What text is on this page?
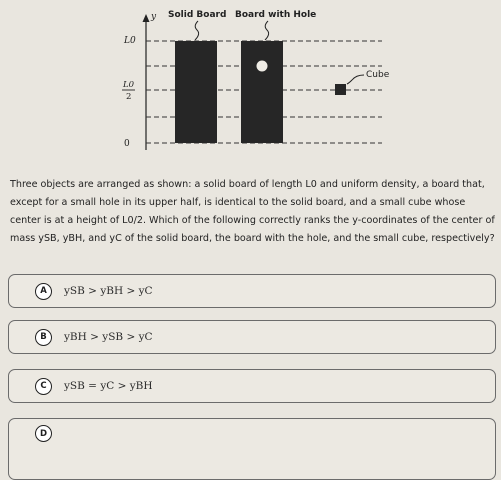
y Solid Board Board with Hole
Cube
L0
L0
2
0
Three objects are arranged as shown: a solid board of length L0 and uniform density, a board that, except for a small hole in its upper half, is identical to the solid board, and a small cube whose center is at a height of L0/2. Which of the following correctly ranks the y-coordinates of the center of mass ySB, yBH, and yC of the solid board, the board with the hole, and the small cube, respectively?
A	ySB > yBH > yC
B	yBH > ySB > yC
C	ySB = yC > yBH
D
